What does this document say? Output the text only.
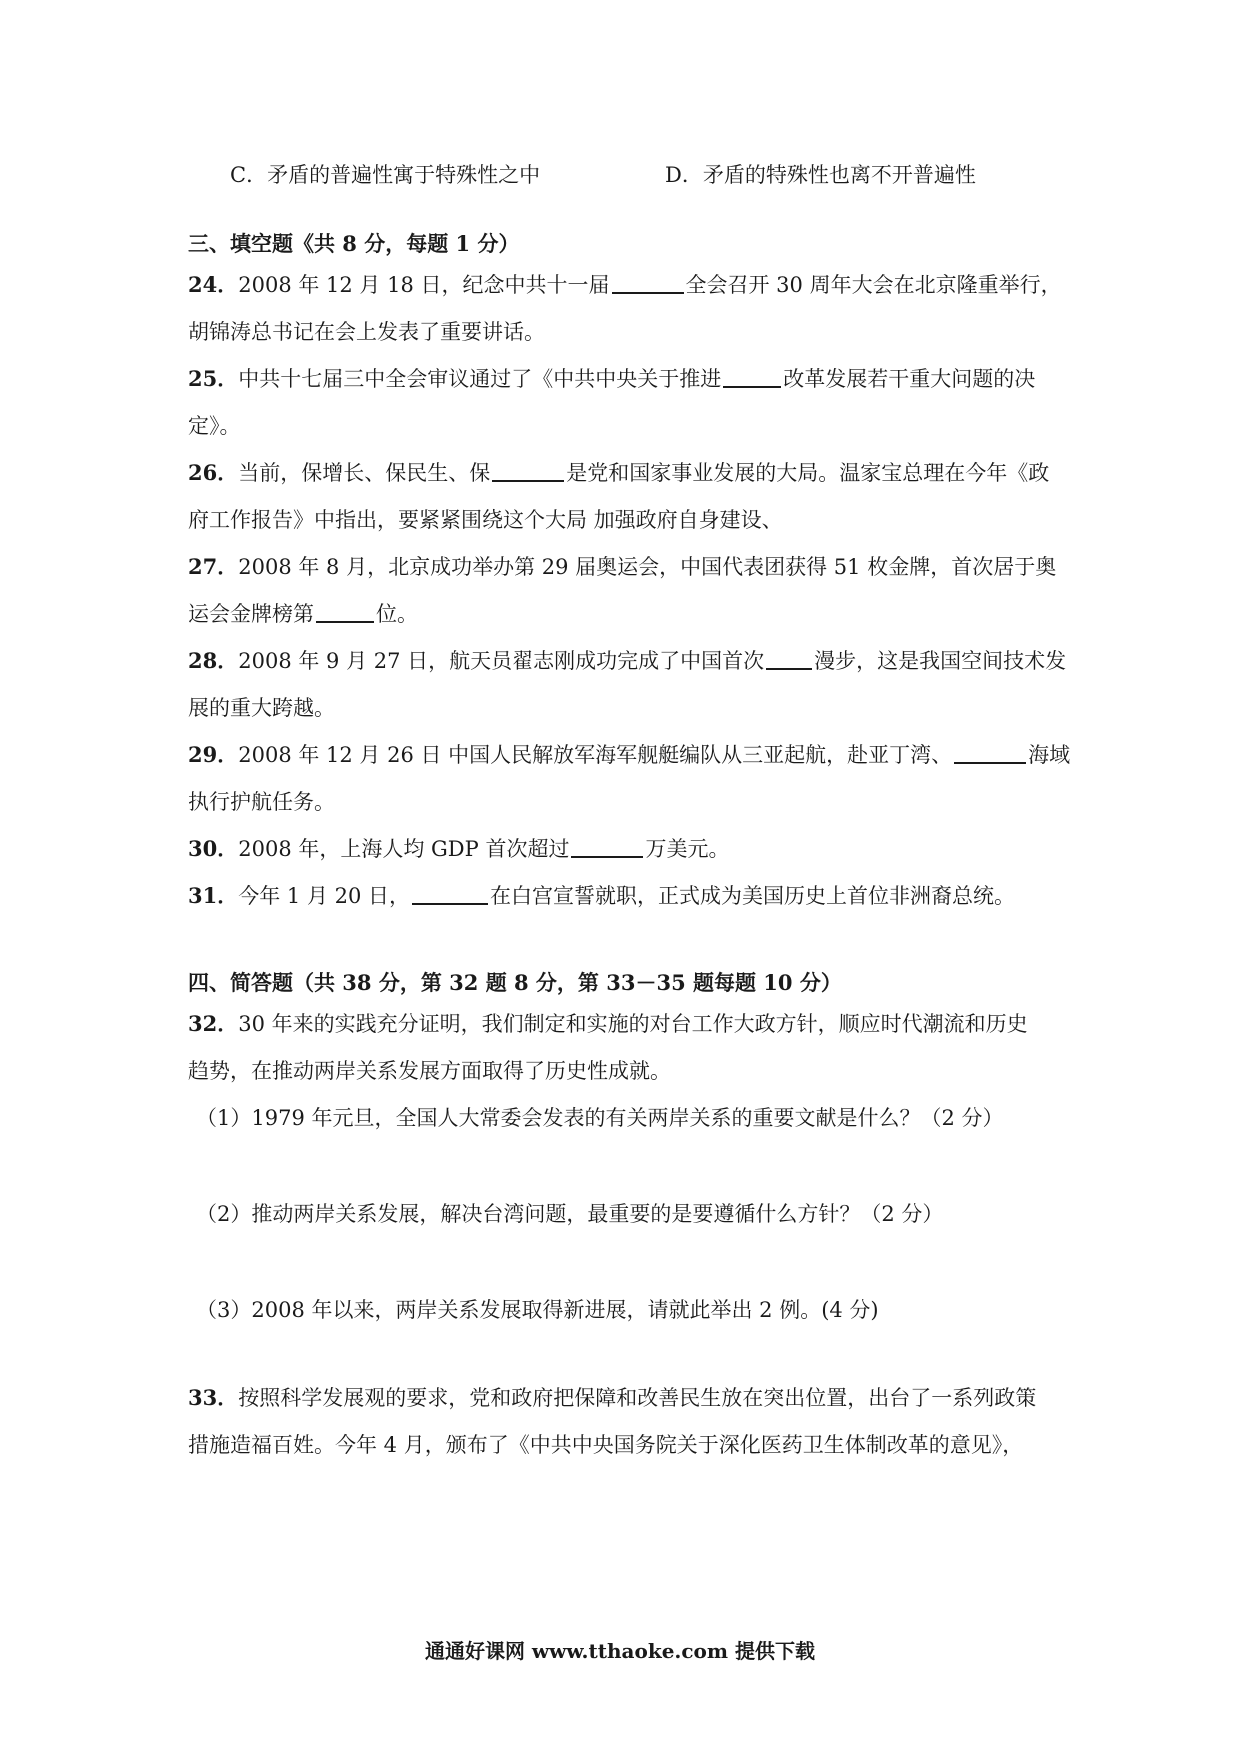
C．矛盾的普遍性寓于特殊性之中	D．矛盾的特殊性也离不开普遍性
三、填空题《共 8 分，每题 1 分）
24．2008 年 12 月 18 日，纪念中共十一届	全会召开 30 周年大会在北京隆重举行，
胡锦涛总书记在会上发表了重要讲话。
25．中共十七届三中全会审议通过了《中共中央关于推进	改革发展若干重大问题的决
定》。
26．当前，保增长、保民生、保	是党和国家事业发展的大局。温家宝总理在今年《政
府工作报告》中指出，要紧紧围绕这个大局 加强政府自身建设、
27．2008 年 8 月，北京成功举办第 29 届奥运会，中国代表团获得 51 枚金牌，首次居于奥
运会金牌榜第	位。
28．2008 年 9 月 27 日，航天员翟志刚成功完成了中国首次 漫步，这是我国空间技术发
展的重大跨越。
29．2008 年 12 月 26 日 中国人民解放军海军舰艇编队从三亚起航，赴亚丁湾、	海域
执行护航任务。
30．2008 年，上海人均 GDP 首次超过	万美元。
31．今年 1 月 20 日，	在白宫宣誓就职，正式成为美国历史上首位非洲裔总统。
四、简答题（共 38 分，第 32 题 8 分，第 33－35 题每题 10 分）
32．30 年来的实践充分证明，我们制定和实施的对台工作大政方针，顺应时代潮流和历史
趋势，在推动两岸关系发展方面取得了历史性成就。
（1）1979 年元旦，全国人大常委会发表的有关两岸关系的重要文献是什么？（2 分）
（2）推动两岸关系发展，解决台湾问题，最重要的是要遵循什么方针？（2 分）
（3）2008 年以来，两岸关系发展取得新进展，请就此举出 2 例。(4 分)
33．按照科学发展观的要求，党和政府把保障和改善民生放在突出位置，出台了一系列政策
措施造福百姓。今年 4 月，颁布了《中共中央国务院关于深化医药卫生体制改革的意见》，
通通好课网 www.tthaoke.com 提供下载
